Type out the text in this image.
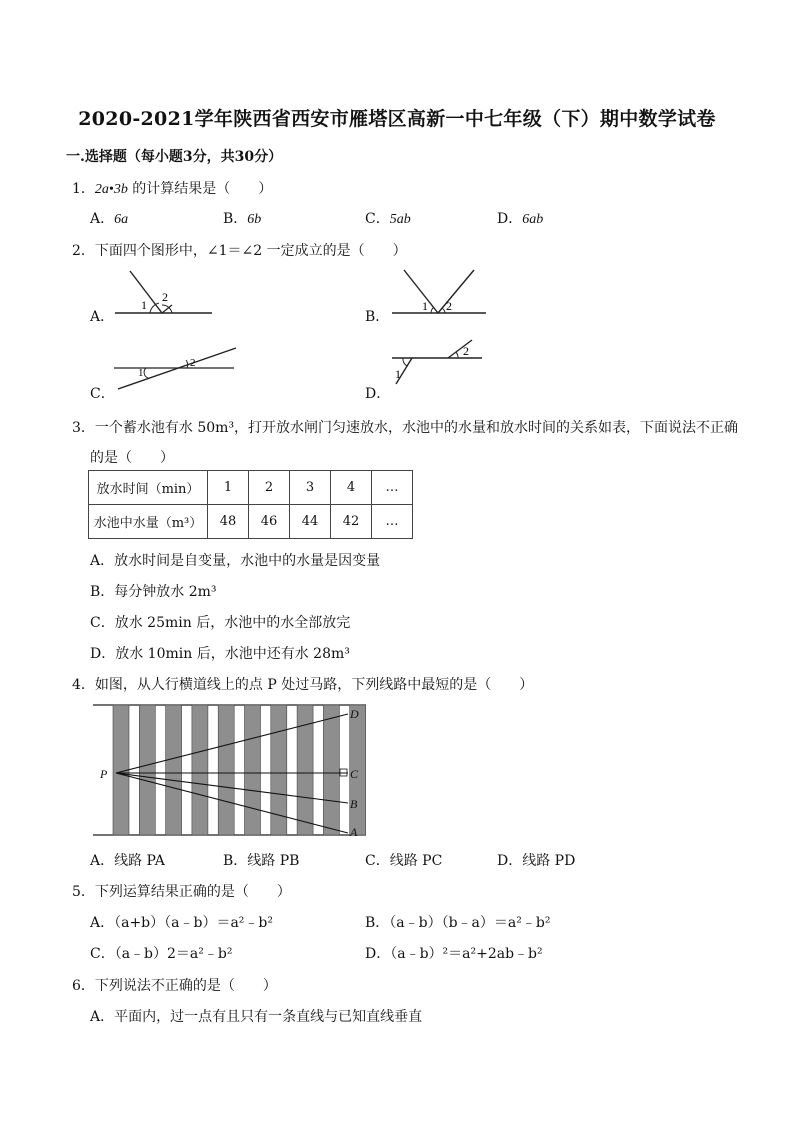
2020-2021学年陕西省西安市雁塔区高新一中七年级（下）期中数学试卷
一.选择题（每小题3分，共30分）
1．2a•3b 的计算结果是（　　）
A．6a	B．6b	C．5ab	D．6ab
2．下面四个图形中，∠1＝∠2 一定成立的是（　　）
A．	B．
C．	D．
1
2
1 2
1
2
1
2
3．一个蓄水池有水 50m³，打开放水闸门匀速放水，水池中的水量和放水时间的关系如表，下面说法不正确
的是（　　）
放水时间（min）	1	2	3	4	…
水池中水量（m³）	48	46	44	42	…
A．放水时间是自变量，水池中的水量是因变量
B．每分钟放水 2m³
C．放水 25min 后，水池中的水全部放完
D．放水 10min 后，水池中还有水 28m³
4．如图，从人行横道线上的点 P 处过马路，下列线路中最短的是（　　）
P
D
C
B
A
A．线路 PA	B．线路 PB	C．线路 PC	D．线路 PD
5．下列运算结果正确的是（　　）
A．（a+b）（a﹣b）＝a²﹣b²	B．（a﹣b）（b﹣a）＝a²﹣b²
C．（a﹣b）2＝a²﹣b²	D．（a﹣b）²＝a²+2ab﹣b²
6．下列说法不正确的是（　　）
A．平面内，过一点有且只有一条直线与已知直线垂直
